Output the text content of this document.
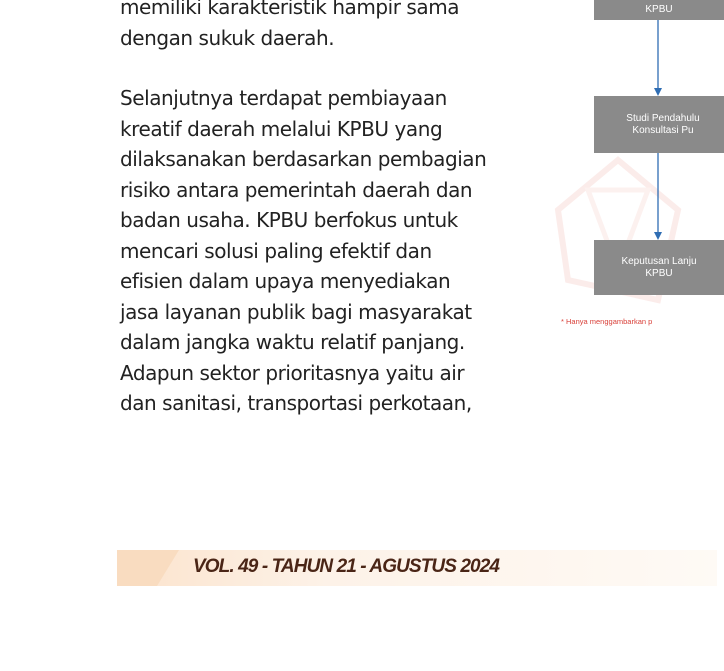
memiliki karakteristik hampir sama
dengan sukuk daerah.

Selanjutnya terdapat pembiayaan
kreatif daerah melalui KPBU yang
dilaksanakan berdasarkan pembagian
risiko antara pemerintah daerah dan
badan usaha. KPBU berfokus untuk
mencari solusi paling efektif dan
efisien dalam upaya menyediakan
jasa layanan publik bagi masyarakat
dalam jangka waktu relatif panjang.
Adapun sektor prioritasnya yaitu air
dan sanitasi, transportasi perkotaan,

KPBU
Studi Pendahulu
Konsultasi Pu
Keputusan Lanju
KPBU
* Hanya menggambarkan p
VOL. 49 - TAHUN 21 - AGUSTUS 2024
